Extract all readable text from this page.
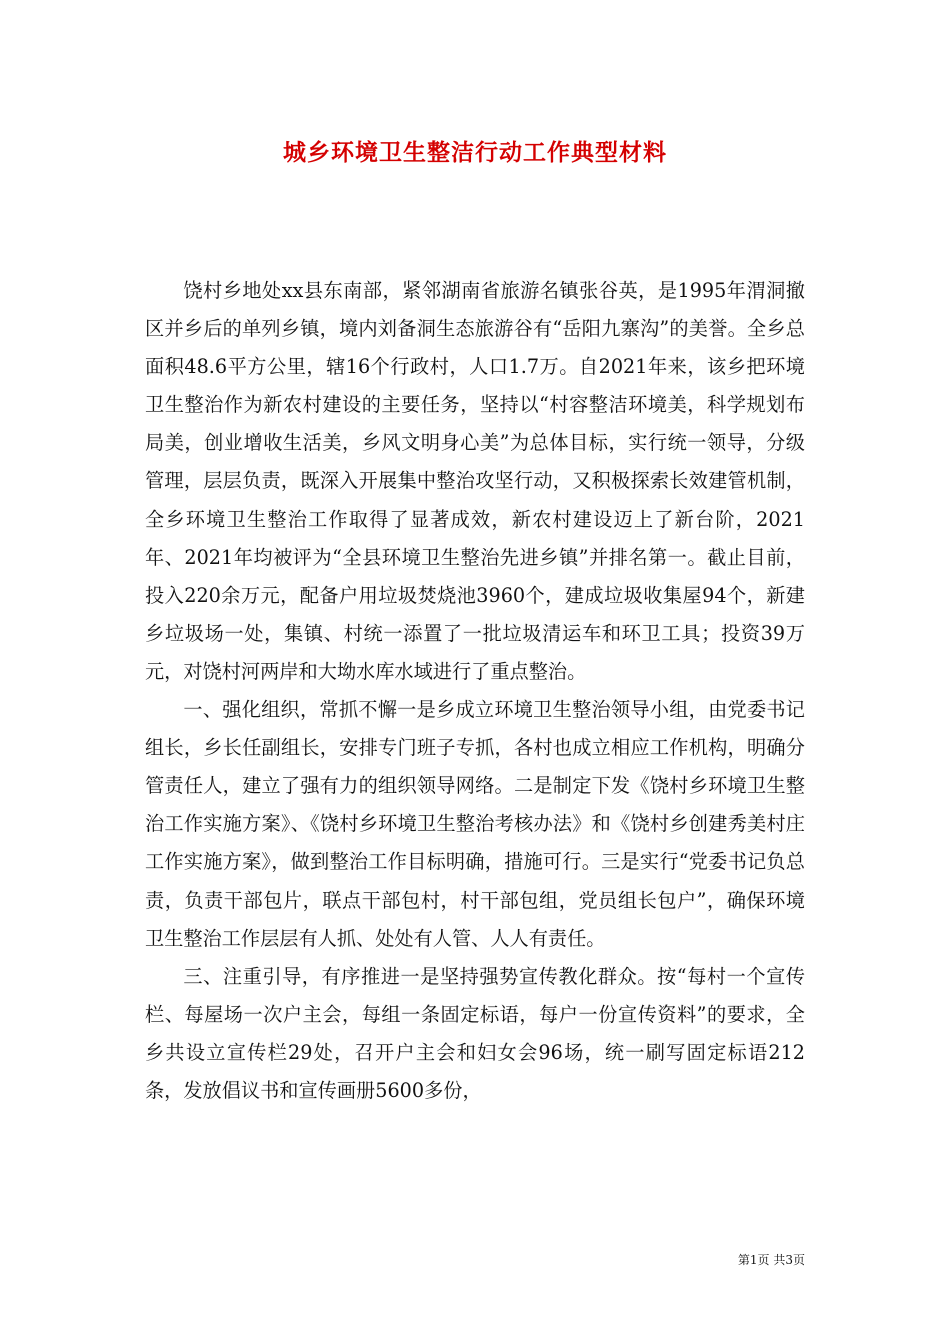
城乡环境卫生整洁行动工作典型材料

饶村乡地处xx县东南部，紧邻湖南省旅游名镇张谷英，是1995年渭洞撤区并乡后的单列乡镇，境内刘备洞生态旅游谷有“岳阳九寨沟”的美誉。全乡总面积48.6平方公里，辖16个行政村，人口1.7万。自2021年来，该乡把环境卫生整治作为新农村建设的主要任务，坚持以“村容整洁环境美，科学规划布局美，创业增收生活美，乡风文明身心美”为总体目标，实行统一领导，分级管理，层层负责，既深入开展集中整治攻坚行动，又积极探索长效建管机制，全乡环境卫生整治工作取得了显著成效，新农村建设迈上了新台阶，2021年、2021年均被评为“全县环境卫生整治先进乡镇”并排名第一。截止目前，投入220余万元，配备户用垃圾焚烧池3960个，建成垃圾收集屋94个，新建乡垃圾场一处，集镇、村统一添置了一批垃圾清运车和环卫工具；投资39万元，对饶村河两岸和大坳水库水域进行了重点整治。

一、强化组织，常抓不懈一是乡成立环境卫生整治领导小组，由党委书记组长，乡长任副组长，安排专门班子专抓，各村也成立相应工作机构，明确分管责任人，建立了强有力的组织领导网络。二是制定下发《饶村乡环境卫生整治工作实施方案》、《饶村乡环境卫生整治考核办法》和《饶村乡创建秀美村庄工作实施方案》，做到整治工作目标明确，措施可行。三是实行“党委书记负总责，负责干部包片，联点干部包村，村干部包组，党员组长包户”，确保环境卫生整治工作层层有人抓、处处有人管、人人有责任。

三、注重引导，有序推进一是坚持强势宣传教化群众。按“每村一个宣传栏、每屋场一次户主会，每组一条固定标语，每户一份宣传资料”的要求，全乡共设立宣传栏29处，召开户主会和妇女会96场，统一刷写固定标语212条，发放倡议书和宣传画册5600多份，

第1页 共3页
